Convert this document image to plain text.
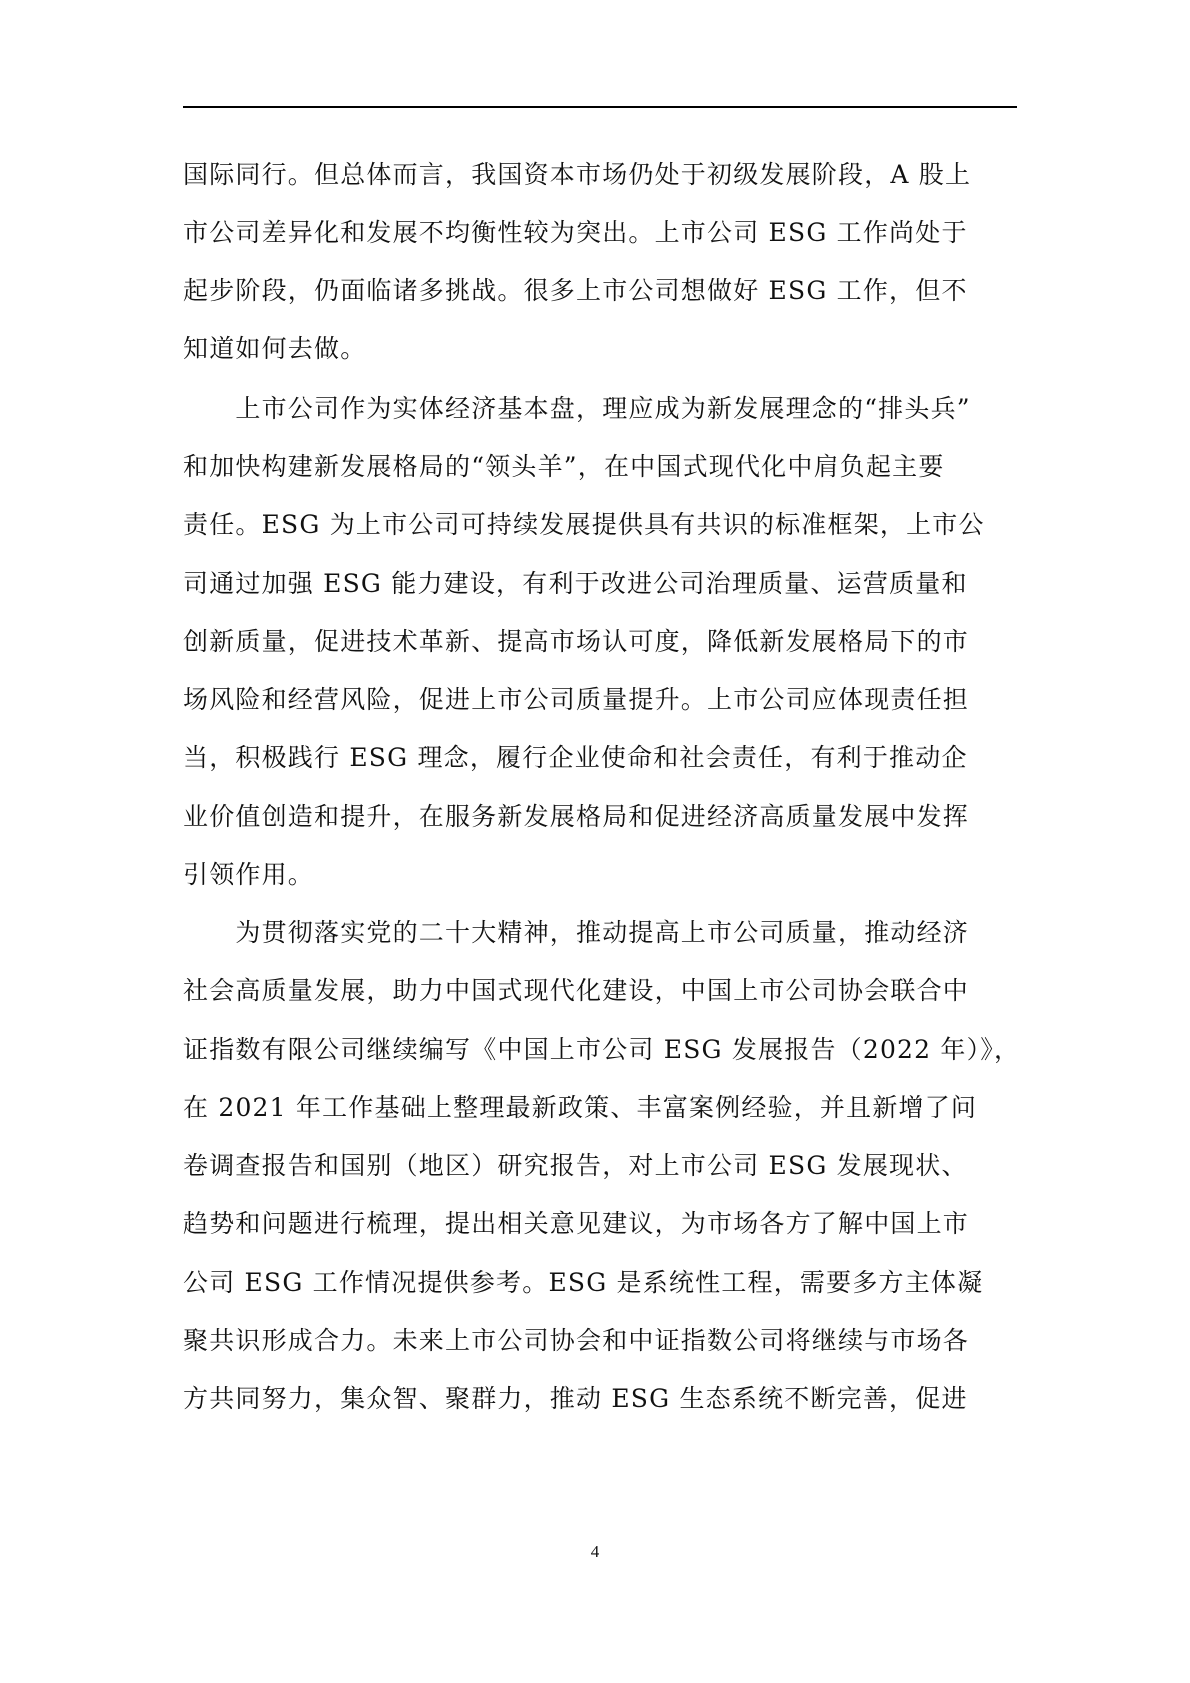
国际同行。但总体而言，我国资本市场仍处于初级发展阶段，A 股上
市公司差异化和发展不均衡性较为突出。上市公司 ESG 工作尚处于
起步阶段，仍面临诸多挑战。很多上市公司想做好 ESG 工作，但不
知道如何去做。
　　上市公司作为实体经济基本盘，理应成为新发展理念的“排头兵”
和加快构建新发展格局的“领头羊”，在中国式现代化中肩负起主要
责任。ESG 为上市公司可持续发展提供具有共识的标准框架，上市公
司通过加强 ESG 能力建设，有利于改进公司治理质量、运营质量和
创新质量，促进技术革新、提高市场认可度，降低新发展格局下的市
场风险和经营风险，促进上市公司质量提升。上市公司应体现责任担
当，积极践行 ESG 理念，履行企业使命和社会责任，有利于推动企
业价值创造和提升，在服务新发展格局和促进经济高质量发展中发挥
引领作用。
　　为贯彻落实党的二十大精神，推动提高上市公司质量，推动经济
社会高质量发展，助力中国式现代化建设，中国上市公司协会联合中
证指数有限公司继续编写《中国上市公司 ESG 发展报告（2022 年）》，
在 2021 年工作基础上整理最新政策、丰富案例经验，并且新增了问
卷调查报告和国别（地区）研究报告，对上市公司 ESG 发展现状、
趋势和问题进行梳理，提出相关意见建议，为市场各方了解中国上市
公司 ESG 工作情况提供参考。ESG 是系统性工程，需要多方主体凝
聚共识形成合力。未来上市公司协会和中证指数公司将继续与市场各
方共同努力，集众智、聚群力，推动 ESG 生态系统不断完善，促进
4
